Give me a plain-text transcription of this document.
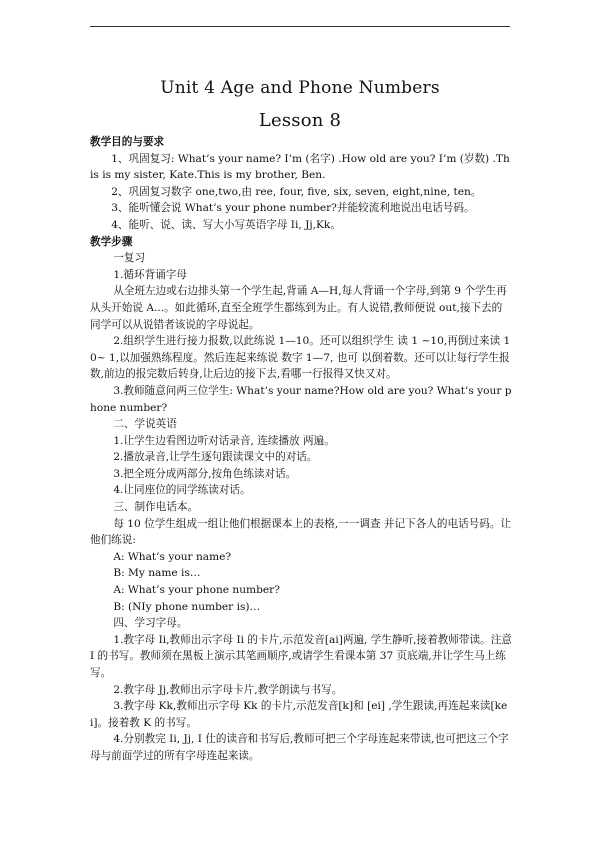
Unit 4 Age and Phone Numbers
Lesson 8

教学目的与要求

1、巩固复习: What’s your name? I’m (名字) .How old are you? I’m (岁数) .This is my sister, Kate.This is my brother, Ben.

2、巩固复习数字 one,two,由 ree, four, five, six, seven, eight,nine, ten。

3、能听懂会说 What’s your phone number?并能较流利地说出电话号码。

4、能听、说、读、写大小写英语字母 Ii, Jj,Kk。

教学步骤

一复习

1.循环背诵字母

从全班左边或右边排头第一个学生起,背诵 A—H,每人背诵一个字母,到第 9 个学生再从头开始说 A...。如此循环,直至全班学生都练到为止。有人说错,教师便说 out,接下去的同学可以从说错者该说的字母说起。

2.组织学生进行接力报数,以此练说 1—10。还可以组织学生 读 1 ~10,再倒过来读 10~ 1,以加强熟练程度。然后连起来练说 数字 1—7, 也可 以倒着数。还可以让每行学生报数,前边的报完数后转身,让后边的接下去,看哪一行报得又快又对。

3.教师随意问两三位学生: What’s your name?How old are you? What’s your phone number?

二、学说英语

1.让学生边看图边听对话录音, 连续播放 两遍。

2.播放录音,让学生逐句跟读课文中的对话。

3.把全班分成两部分,按角色练读对话。

4.让同座位的同学练读对话。

三、制作电话本。

每 10 位学生组成一组让他们根据课本上的表格,一一调查 并记下各人的电话号码。让他们练说:

A: What’s your name?

B: My name is…

A: What’s your phone number?

B: (NIy phone number is)…

四、学习字母。

1.教字母 Ii,教师出示字母 Ii 的卡片,示范发音[ai]两遍, 学生静听,接着教师带读。注意 I 的书写。教师须在黑板上演示其笔画顺序,或请学生看课本第 37 页底端,并让学生马上练写。

2.教字母 Jj,教师出示字母卡片,教学朗读与书写。

3.教字母 Kk,教师出示字母 Kk 的卡片,示范发音[k]和 [ei] ,学生跟读,再连起来读[kei]。接着教 K 的书写。

4.分别教完 Ii, Jj, I 仕的读音和书写后,教师可把三个字母连起来带读,也可把这三个字母与前面学过的所有字母连起来读。
